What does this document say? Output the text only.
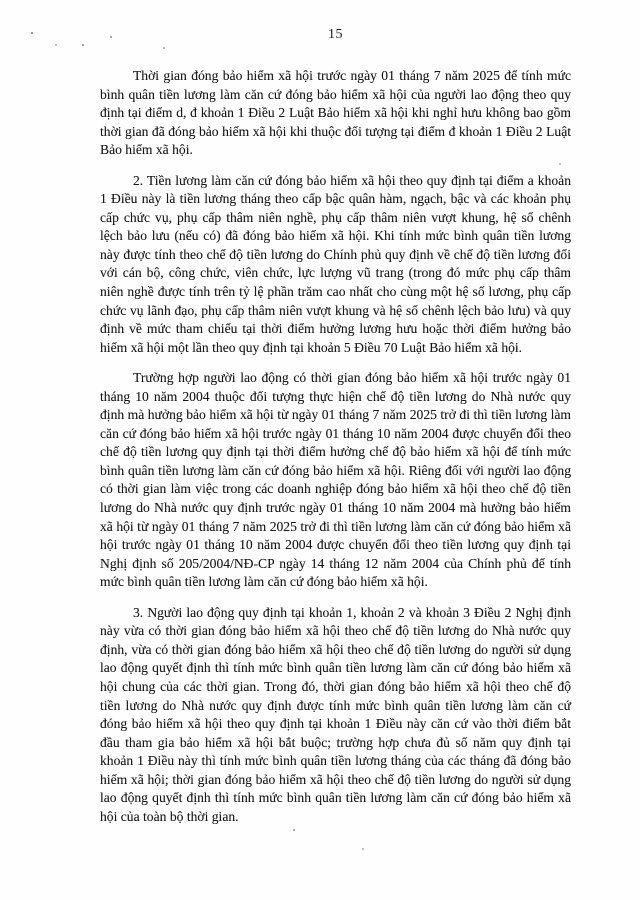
15

Thời gian đóng bảo hiểm xã hội trước ngày 01 tháng 7 năm 2025 để tính mức bình quân tiền lương làm căn cứ đóng bảo hiểm xã hội của người lao động theo quy định tại điểm d, đ khoản 1 Điều 2 Luật Bảo hiểm xã hội khi nghỉ hưu không bao gồm thời gian đã đóng bảo hiểm xã hội khi thuộc đối tượng tại điểm đ khoản 1 Điều 2 Luật Bảo hiểm xã hội.

2. Tiền lương làm căn cứ đóng bảo hiểm xã hội theo quy định tại điểm a khoản 1 Điều này là tiền lương tháng theo cấp bậc quân hàm, ngạch, bậc và các khoản phụ cấp chức vụ, phụ cấp thâm niên nghề, phụ cấp thâm niên vượt khung, hệ số chênh lệch bảo lưu (nếu có) đã đóng bảo hiểm xã hội. Khi tính mức bình quân tiền lương này được tính theo chế độ tiền lương do Chính phủ quy định về chế độ tiền lương đối với cán bộ, công chức, viên chức, lực lượng vũ trang (trong đó mức phụ cấp thâm niên nghề được tính trên tỷ lệ phần trăm cao nhất cho cùng một hệ số lương, phụ cấp chức vụ lãnh đạo, phụ cấp thâm niên vượt khung và hệ số chênh lệch bảo lưu) và quy định về mức tham chiếu tại thời điểm hưởng lương hưu hoặc thời điểm hưởng bảo hiểm xã hội một lần theo quy định tại khoản 5 Điều 70 Luật Bảo hiểm xã hội.

Trường hợp người lao động có thời gian đóng bảo hiểm xã hội trước ngày 01 tháng 10 năm 2004 thuộc đối tượng thực hiện chế độ tiền lương do Nhà nước quy định mà hưởng bảo hiểm xã hội từ ngày 01 tháng 7 năm 2025 trở đi thì tiền lương làm căn cứ đóng bảo hiểm xã hội trước ngày 01 tháng 10 năm 2004 được chuyển đổi theo chế độ tiền lương quy định tại thời điểm hưởng chế độ bảo hiểm xã hội để tính mức bình quân tiền lương làm căn cứ đóng bảo hiểm xã hội. Riêng đối với người lao động có thời gian làm việc trong các doanh nghiệp đóng bảo hiểm xã hội theo chế độ tiền lương do Nhà nước quy định trước ngày 01 tháng 10 năm 2004 mà hưởng bảo hiểm xã hội từ ngày 01 tháng 7 năm 2025 trở đi thì tiền lương làm căn cứ đóng bảo hiểm xã hội trước ngày 01 tháng 10 năm 2004 được chuyển đổi theo tiền lương quy định tại Nghị định số 205/2004/NĐ-CP ngày 14 tháng 12 năm 2004 của Chính phủ để tính mức bình quân tiền lương làm căn cứ đóng bảo hiểm xã hội.

3. Người lao động quy định tại khoản 1, khoản 2 và khoản 3 Điều 2 Nghị định này vừa có thời gian đóng bảo hiểm xã hội theo chế độ tiền lương do Nhà nước quy định, vừa có thời gian đóng bảo hiểm xã hội theo chế độ tiền lương do người sử dụng lao động quyết định thì tính mức bình quân tiền lương làm căn cứ đóng bảo hiểm xã hội chung của các thời gian. Trong đó, thời gian đóng bảo hiểm xã hội theo chế độ tiền lương do Nhà nước quy định được tính mức bình quân tiền lương làm căn cứ đóng bảo hiểm xã hội theo quy định tại khoản 1 Điều này căn cứ vào thời điểm bắt đầu tham gia bảo hiểm xã hội bắt buộc; trường hợp chưa đủ số năm quy định tại khoản 1 Điều này thì tính mức bình quân tiền lương tháng của các tháng đã đóng bảo hiểm xã hội; thời gian đóng bảo hiểm xã hội theo chế độ tiền lương do người sử dụng lao động quyết định thì tính mức bình quân tiền lương làm căn cứ đóng bảo hiểm xã hội của toàn bộ thời gian.
